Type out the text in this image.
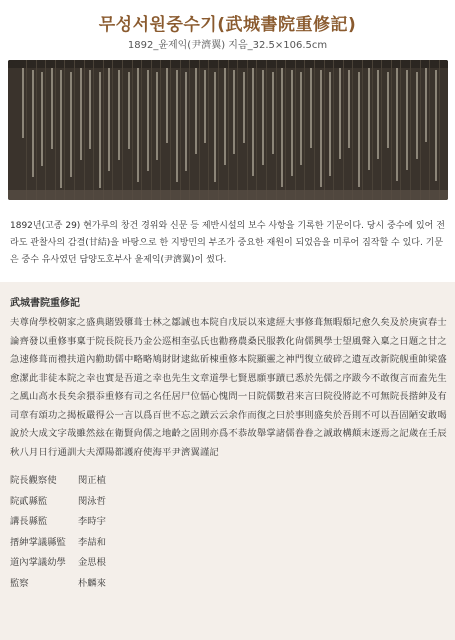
무성서원중수기(武城書院重修記)
1892_윤제익(尹濟翼) 지음_32.5×106.5cm
1892년(고종 29) 현가루의 창건 경위와 신문 등 제반시설의 보수 사항을 기록한 기문이다. 당시 중수에 있어 전라도 관찰사의 감결(甘結)을 바탕으로 한 지방민의 부조가 중요한 재원이 되었음을 미루어 짐작할 수 있다. 기문은 중수 유사였던 담양도호부사 윤제익(尹濟翼)이 썼다.
武城書院重修記
夫尊尙學校朝家之盛典賭毀隳葺士林之鄒誠也本院自戊辰以來逮經大事修葺無暇頹圮愈久矣及於庚寅春士論齊發以重修事稟于院長院長乃金公巡相奎弘氏也勸務農桑民服教化尙儒興學士望風聲入稟之日題之甘之急速修葺而禮扶道內勸助儒中略略鳩財財逮紘斫棟重修本院顯靈之神門復立破碎之遺亙改新院舰重帥梁盛愈潔此非徒本院之幸也實是吾道之幸也先生文章道學七賢恩願事蹟已悉於先儒之序跋今不敢復言而盍先生之風山高水長矣余猥忝重修有司之名任居尸位愊心愧問一日院儒數君来言曰院役將訖不可無院長揩紳及有司章有頌功之揭板嚴得公一言以爲百世不忘之蹟云云余作而復之曰於事則盛矣於吾則不可以吾固陋安敢喝說於大成文字哉雖然玆在衛賢尙儒之地齡之固則亦爲不恭故舉掌諸儒眷眷之誠敢構顛末逐焉之記歲在壬辰秋八月日行通訓大夫潭陽都護府使海平尹濟翼謹記
院長觀察使	閔正植
院貳縣監	閔泳哲
講長縣監	李時宇
搢紳掌議縣監	李喆和
道內掌議幼學	金思根
監察	朴麟來
